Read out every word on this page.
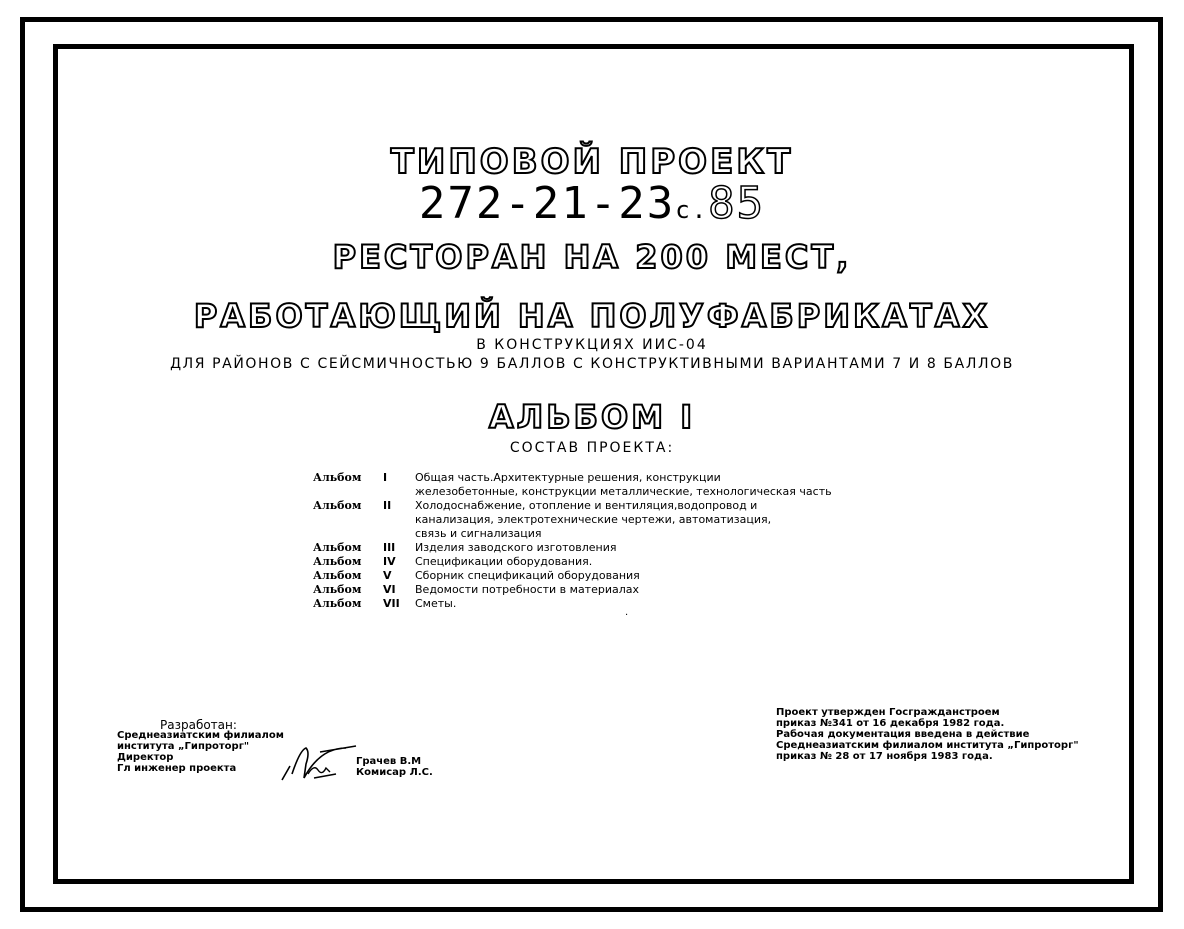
ТИПОВОЙ ПРОЕКТ
272-21-23с.85
РЕСТОРАН НА 200 МЕСТ,
РАБОТАЮЩИЙ НА ПОЛУФАБРИКАТАХ
В КОНСТРУКЦИЯХ ИИС-04
ДЛЯ РАЙОНОВ С СЕЙСМИЧНОСТЬЮ 9 БАЛЛОВ С КОНСТРУКТИВНЫМИ ВАРИАНТАМИ 7 И 8 БАЛЛОВ
АЛЬБОМ I
СОСТАВ ПРОЕКТА:
Альбом	I	Общая часть.Архитектурные решения, конструкции
железобетонные, конструкции металлические, технологическая часть
Альбом	II	Холодоснабжение, отопление и вентиляция,водопровод и
канализация, электротехнические чертежи, автоматизация,
связь и сигнализация
Альбом	III	Изделия заводского изготовления
Альбом	IV	Спецификации оборудования.
Альбом	V	Сборник спецификаций оборудования
Альбом	VI	Ведомости потребности в материалах
Альбом	VII	Сметы.
·
Разработан:
Среднеазиатским филиалом
института „Гипроторг"
Директор
Гл инженер проекта
Грачев В.М
Комисар Л.С.
Проект утвержден Госгражданстроем
приказ №341 от 16 декабря 1982 года.
Рабочая документация введена в действие
Среднеазиатским филиалом института „Гипроторг"
приказ № 28 от 17 ноября 1983 года.
